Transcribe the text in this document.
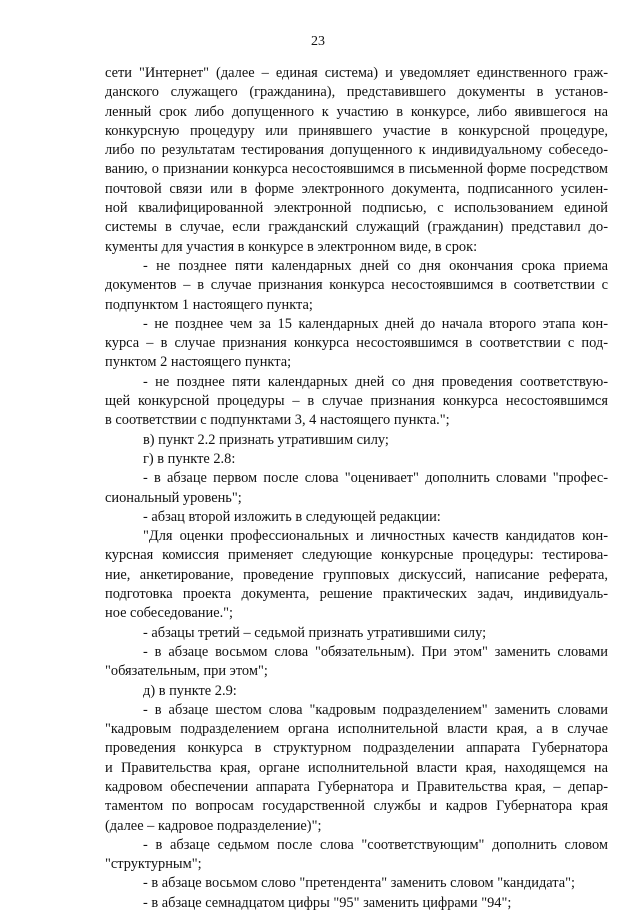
23
сети "Интернет" (далее – единая система) и уведомляет единственного граж-
данского служащего (гражданина), представившего документы в установ-
ленный срок либо допущенного к участию в конкурсе, либо явившегося на
конкурсную процедуру или принявшего участие в конкурсной процедуре,
либо по результатам тестирования допущенного к индивидуальному собеседо-
ванию, о признании конкурса несостоявшимся в письменной форме посредством
почтовой связи или в форме электронного документа, подписанного усилен-
ной квалифицированной электронной подписью, с использованием единой
системы в случае, если гражданский служащий (гражданин) представил до-
кументы для участия в конкурсе в электронном виде, в срок:
- не позднее пяти календарных дней со дня окончания срока приема
документов – в случае признания конкурса несостоявшимся в соответствии с
подпунктом 1 настоящего пункта;
- не позднее чем за 15 календарных дней до начала второго этапа кон-
курса – в случае признания конкурса несостоявшимся в соответствии с под-
пунктом 2 настоящего пункта;
- не позднее пяти календарных дней со дня проведения соответствую-
щей конкурсной процедуры – в случае признания конкурса несостоявшимся
в соответствии с подпунктами 3, 4 настоящего пункта.";
в) пункт 2.2 признать утратившим силу;
г) в пункте 2.8:
- в абзаце первом после слова "оценивает" дополнить словами "профес-
сиональный уровень";
- абзац второй изложить в следующей редакции:
"Для оценки профессиональных и личностных качеств кандидатов кон-
курсная комиссия применяет следующие конкурсные процедуры: тестирова-
ние, анкетирование, проведение групповых дискуссий, написание реферата,
подготовка проекта документа, решение практических задач, индивидуаль-
ное собеседование.";
- абзацы третий – седьмой признать утратившими силу;
- в абзаце восьмом слова "обязательным). При этом" заменить словами
"обязательным, при этом";
д) в пункте 2.9:
- в абзаце шестом слова "кадровым подразделением" заменить словами
"кадровым подразделением органа исполнительной власти края, а в случае
проведения конкурса в структурном подразделении аппарата Губернатора
и Правительства края, органе исполнительной власти края, находящемся на
кадровом обеспечении аппарата Губернатора и Правительства края, – депар-
таментом по вопросам государственной службы и кадров Губернатора края
(далее – кадровое подразделение)";
- в абзаце седьмом после слова "соответствующим" дополнить словом
"структурным";
- в абзаце восьмом слово "претендента" заменить словом "кандидата";
- в абзаце семнадцатом цифры "95" заменить цифрами "94";
